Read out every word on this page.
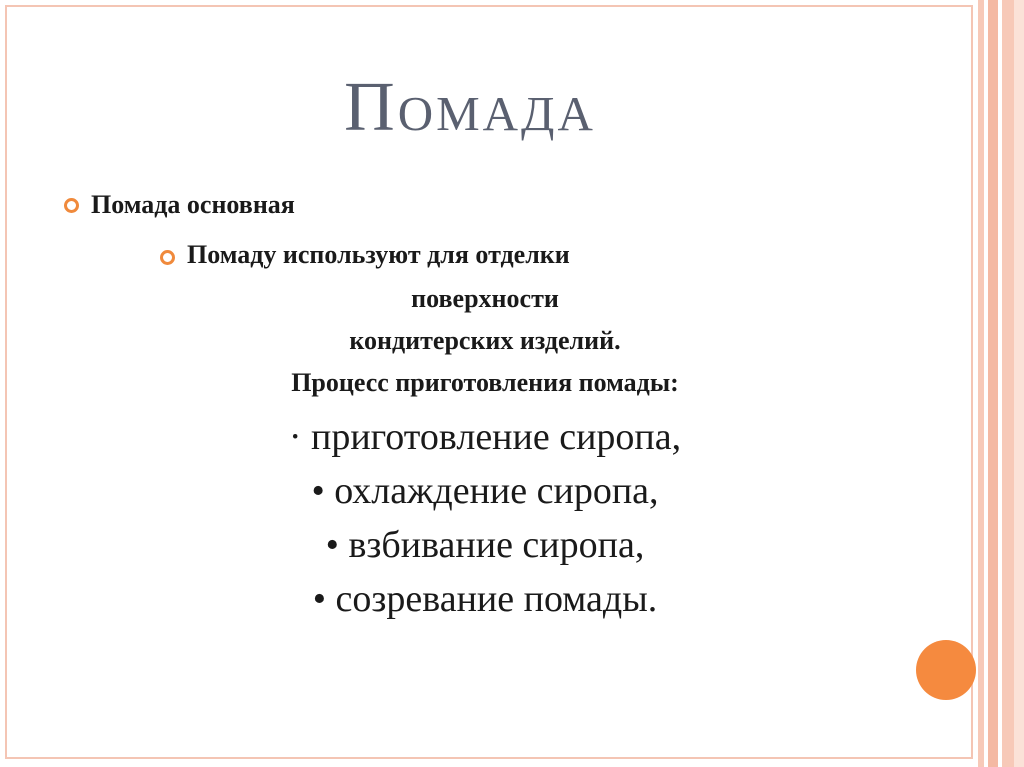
Помада
Помада основная
Помаду используют для отделки
поверхности
кондитерских изделий.
Процесс приготовления помады:
· приготовление сиропа,
• охлаждение сиропа,
• взбивание сиропа,
• созревание помады.
